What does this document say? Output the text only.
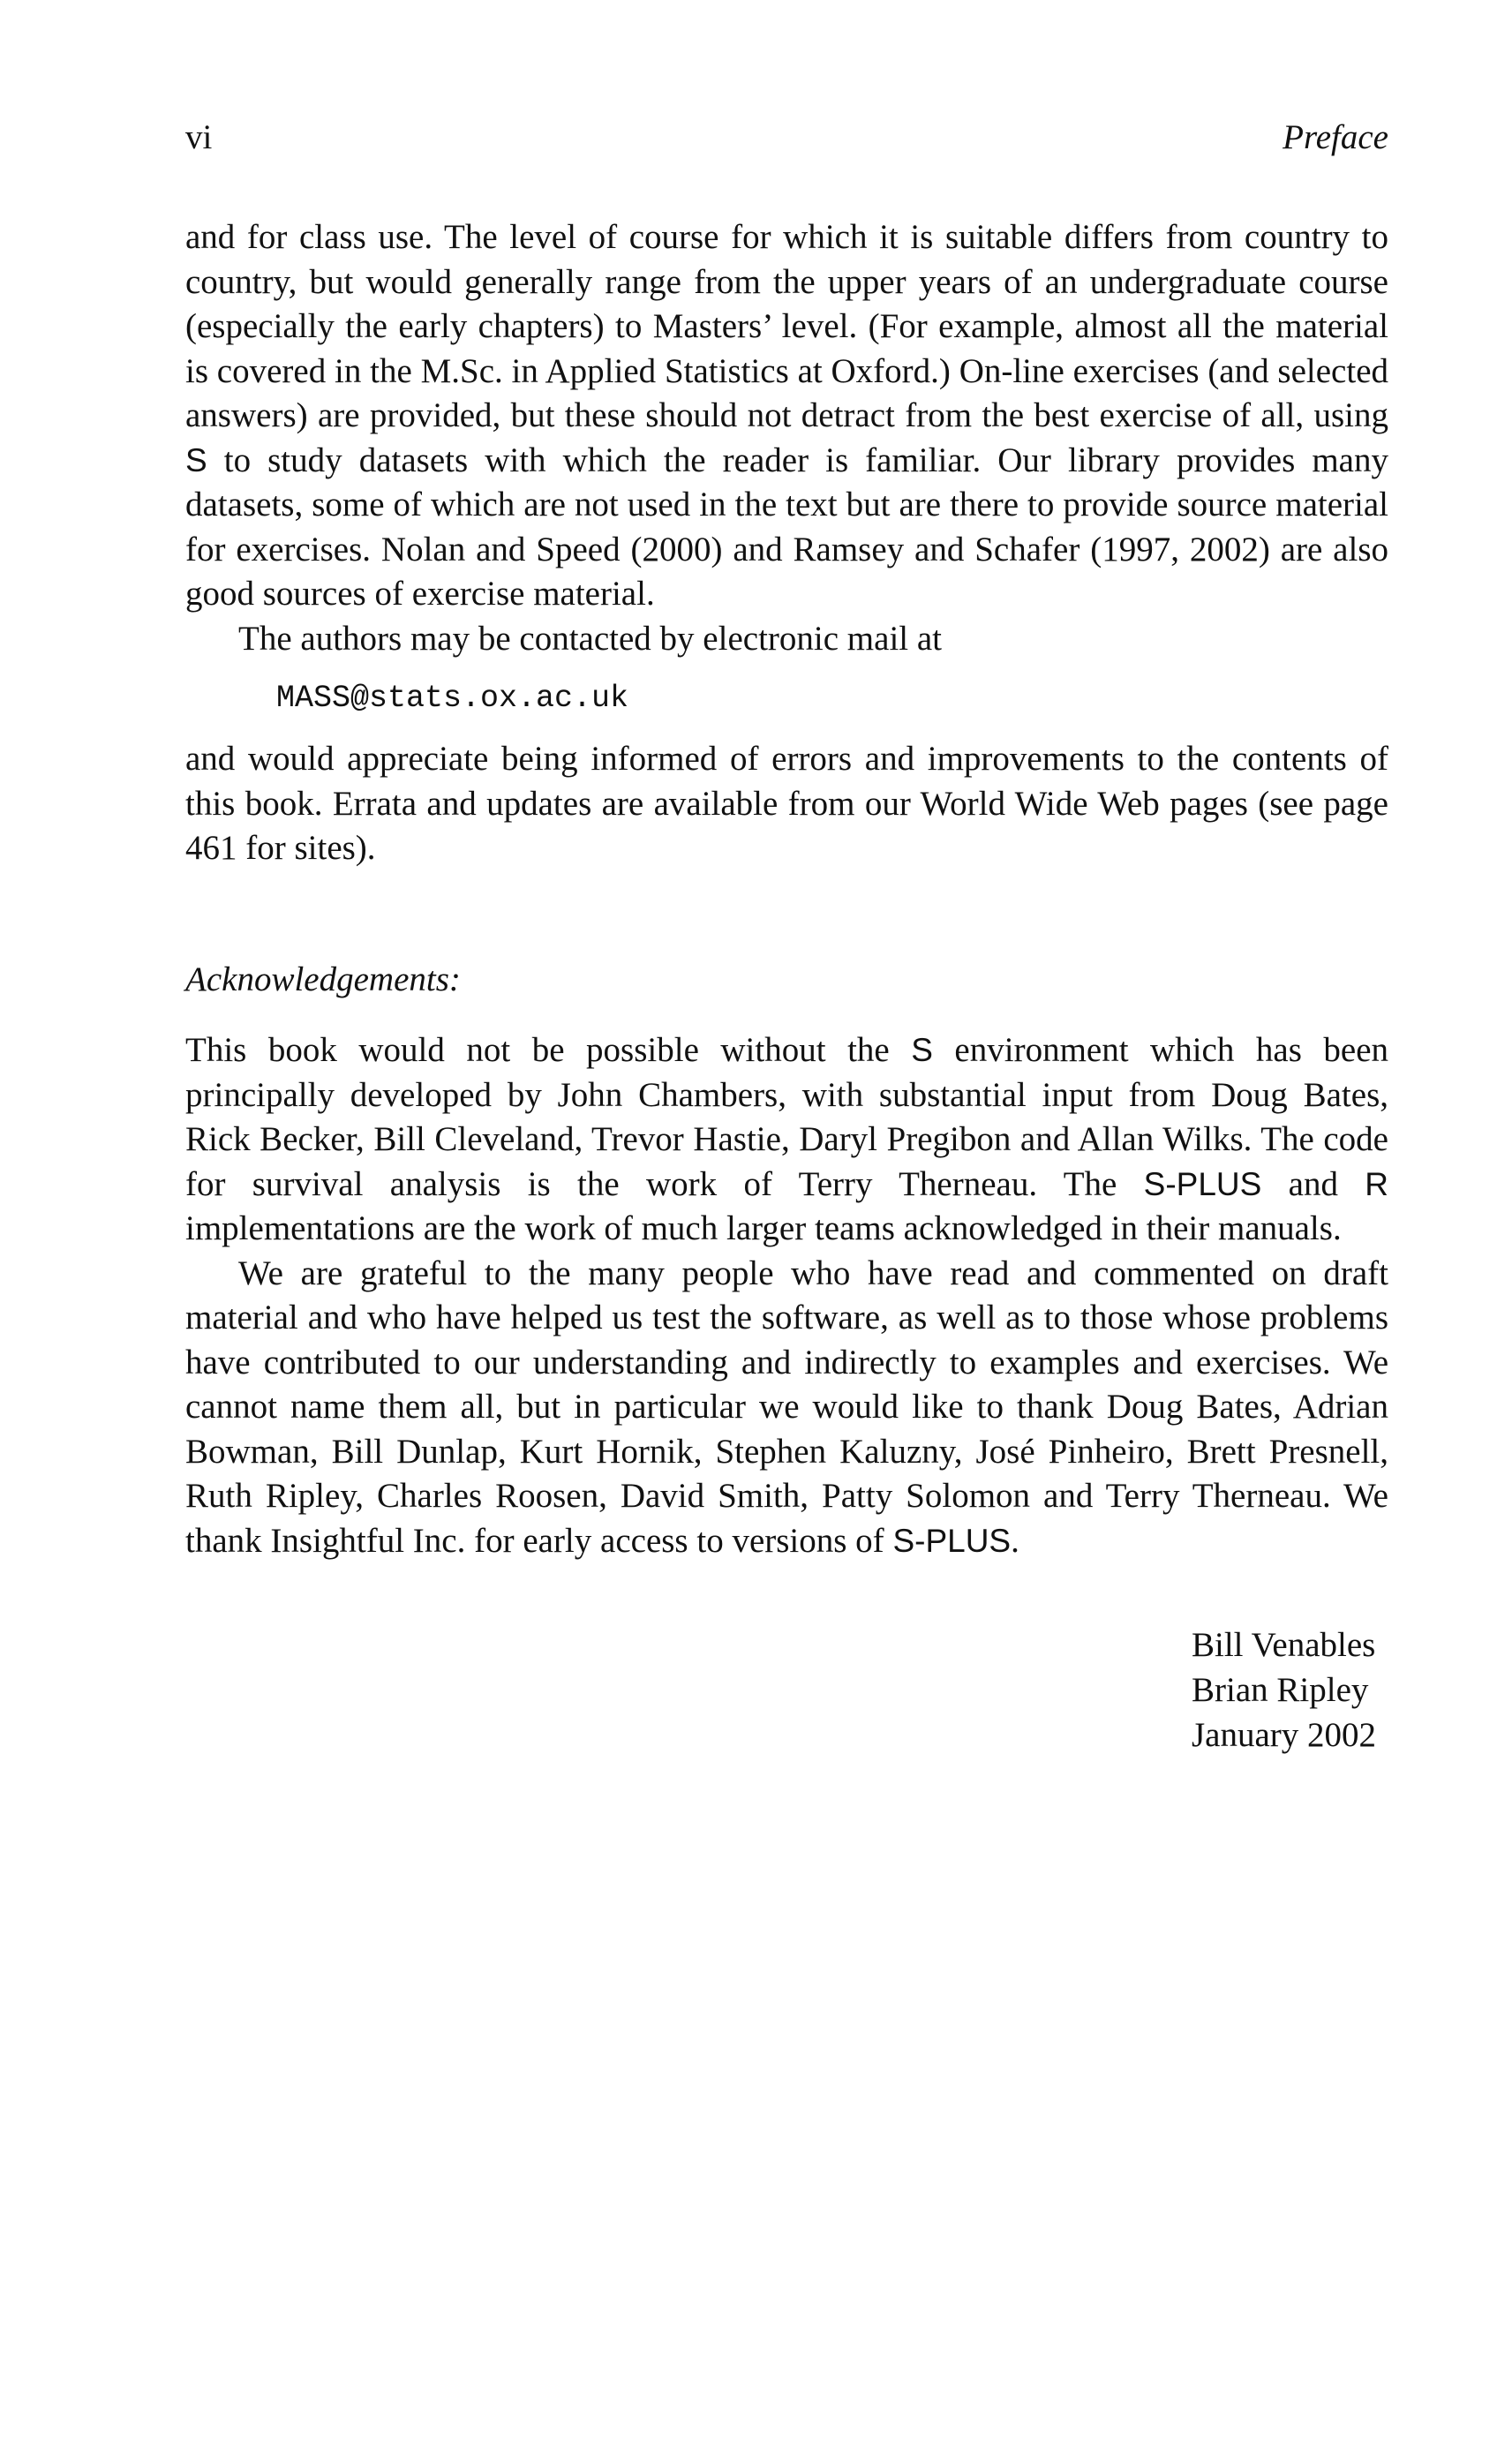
vi	Preface

and for class use. The level of course for which it is suitable differs from country to country, but would generally range from the upper years of an undergraduate course (especially the early chapters) to Masters’ level. (For example, almost all the material is covered in the M.Sc. in Applied Statistics at Oxford.) On-line exercises (and selected answers) are provided, but these should not detract from the best exercise of all, using S to study datasets with which the reader is familiar. Our library provides many datasets, some of which are not used in the text but are there to provide source material for exercises. Nolan and Speed (2000) and Ramsey and Schafer (1997, 2002) are also good sources of exercise material.

The authors may be contacted by electronic mail at

MASS@stats.ox.ac.uk

and would appreciate being informed of errors and improvements to the contents of this book. Errata and updates are available from our World Wide Web pages (see page 461 for sites).

Acknowledgements:

This book would not be possible without the S environment which has been principally developed by John Chambers, with substantial input from Doug Bates, Rick Becker, Bill Cleveland, Trevor Hastie, Daryl Pregibon and Allan Wilks. The code for survival analysis is the work of Terry Therneau. The S-PLUS and R implementations are the work of much larger teams acknowledged in their manuals.

We are grateful to the many people who have read and commented on draft material and who have helped us test the software, as well as to those whose problems have contributed to our understanding and indirectly to examples and exercises. We cannot name them all, but in particular we would like to thank Doug Bates, Adrian Bowman, Bill Dunlap, Kurt Hornik, Stephen Kaluzny, José Pinheiro, Brett Presnell, Ruth Ripley, Charles Roosen, David Smith, Patty Solomon and Terry Therneau. We thank Insightful Inc. for early access to versions of S-PLUS.

Bill Venables
Brian Ripley
January 2002
